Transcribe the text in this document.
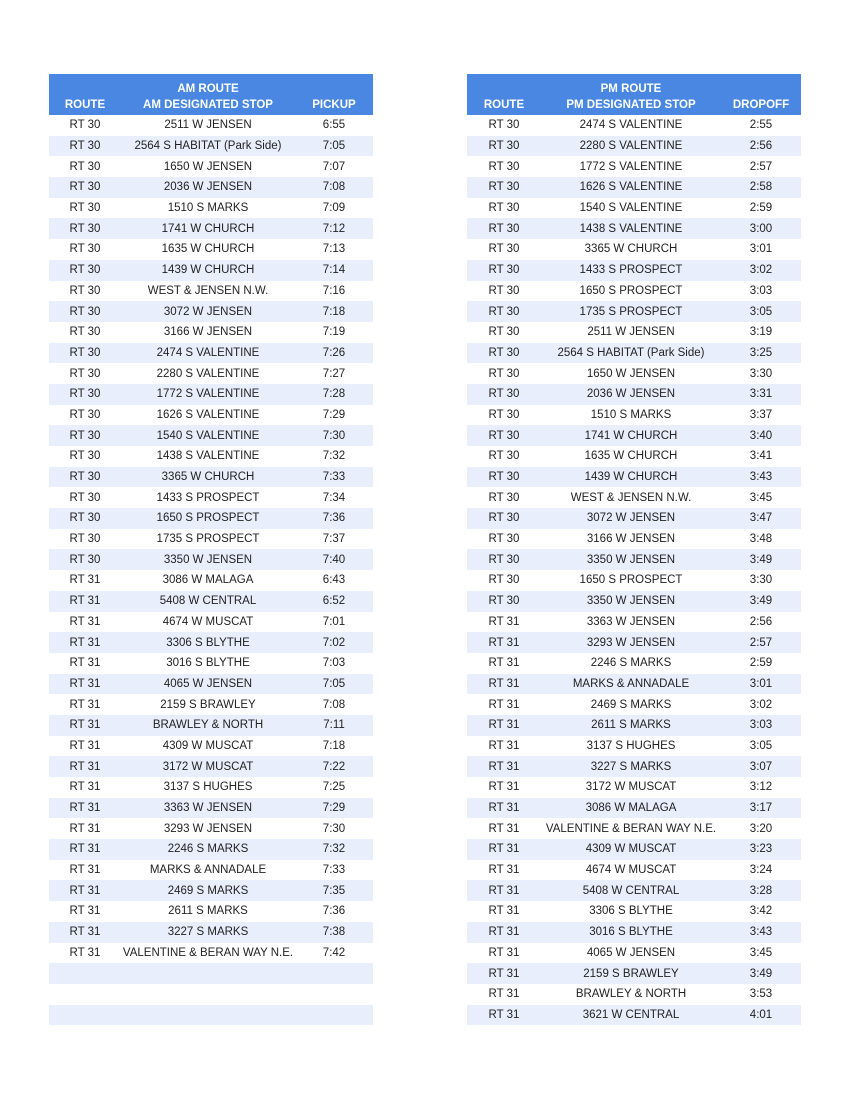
	AM ROUTE	
ROUTE	AM DESIGNATED STOP	PICKUP
RT 30	2511 W JENSEN	6:55
RT 30	2564 S HABITAT (Park Side)	7:05
RT 30	1650 W JENSEN	7:07
RT 30	2036 W JENSEN	7:08
RT 30	1510 S MARKS	7:09
RT 30	1741 W CHURCH	7:12
RT 30	1635 W CHURCH	7:13
RT 30	1439 W CHURCH	7:14
RT 30	WEST & JENSEN N.W.	7:16
RT 30	3072 W JENSEN	7:18
RT 30	3166 W JENSEN	7:19
RT 30	2474 S VALENTINE	7:26
RT 30	2280 S VALENTINE	7:27
RT 30	1772 S VALENTINE	7:28
RT 30	1626 S VALENTINE	7:29
RT 30	1540 S VALENTINE	7:30
RT 30	1438 S VALENTINE	7:32
RT 30	3365 W CHURCH	7:33
RT 30	1433 S PROSPECT	7:34
RT 30	1650 S PROSPECT	7:36
RT 30	1735 S PROSPECT	7:37
RT 30	3350 W JENSEN	7:40
RT 31	3086 W MALAGA	6:43
RT 31	5408 W CENTRAL	6:52
RT 31	4674 W MUSCAT	7:01
RT 31	3306 S BLYTHE	7:02
RT 31	3016 S BLYTHE	7:03
RT 31	4065 W JENSEN	7:05
RT 31	2159 S BRAWLEY	7:08
RT 31	BRAWLEY & NORTH	7:11
RT 31	4309 W MUSCAT	7:18
RT 31	3172 W MUSCAT	7:22
RT 31	3137 S HUGHES	7:25
RT 31	3363 W JENSEN	7:29
RT 31	3293 W JENSEN	7:30
RT 31	2246 S MARKS	7:32
RT 31	MARKS & ANNADALE	7:33
RT 31	2469 S MARKS	7:35
RT 31	2611 S MARKS	7:36
RT 31	3227 S MARKS	7:38
RT 31	VALENTINE & BERAN WAY N.E.	7:42

	PM ROUTE	
ROUTE	PM DESIGNATED STOP	DROPOFF
RT 30	2474 S VALENTINE	2:55
RT 30	2280 S VALENTINE	2:56
RT 30	1772 S VALENTINE	2:57
RT 30	1626 S VALENTINE	2:58
RT 30	1540 S VALENTINE	2:59
RT 30	1438 S VALENTINE	3:00
RT 30	3365 W CHURCH	3:01
RT 30	1433 S PROSPECT	3:02
RT 30	1650 S PROSPECT	3:03
RT 30	1735 S PROSPECT	3:05
RT 30	2511 W JENSEN	3:19
RT 30	2564 S HABITAT (Park Side)	3:25
RT 30	1650 W JENSEN	3:30
RT 30	2036 W JENSEN	3:31
RT 30	1510 S MARKS	3:37
RT 30	1741 W CHURCH	3:40
RT 30	1635 W CHURCH	3:41
RT 30	1439 W CHURCH	3:43
RT 30	WEST & JENSEN N.W.	3:45
RT 30	3072 W JENSEN	3:47
RT 30	3166 W JENSEN	3:48
RT 30	3350 W JENSEN	3:49
RT 30	1650 S PROSPECT	3:30
RT 30	3350 W JENSEN	3:49
RT 31	3363 W JENSEN	2:56
RT 31	3293 W JENSEN	2:57
RT 31	2246 S MARKS	2:59
RT 31	MARKS & ANNADALE	3:01
RT 31	2469 S MARKS	3:02
RT 31	2611 S MARKS	3:03
RT 31	3137 S HUGHES	3:05
RT 31	3227 S MARKS	3:07
RT 31	3172 W MUSCAT	3:12
RT 31	3086 W MALAGA	3:17
RT 31	VALENTINE & BERAN WAY N.E.	3:20
RT 31	4309 W MUSCAT	3:23
RT 31	4674 W MUSCAT	3:24
RT 31	5408 W CENTRAL	3:28
RT 31	3306 S BLYTHE	3:42
RT 31	3016 S BLYTHE	3:43
RT 31	4065 W JENSEN	3:45
RT 31	2159 S BRAWLEY	3:49
RT 31	BRAWLEY & NORTH	3:53
RT 31	3621 W CENTRAL	4:01
